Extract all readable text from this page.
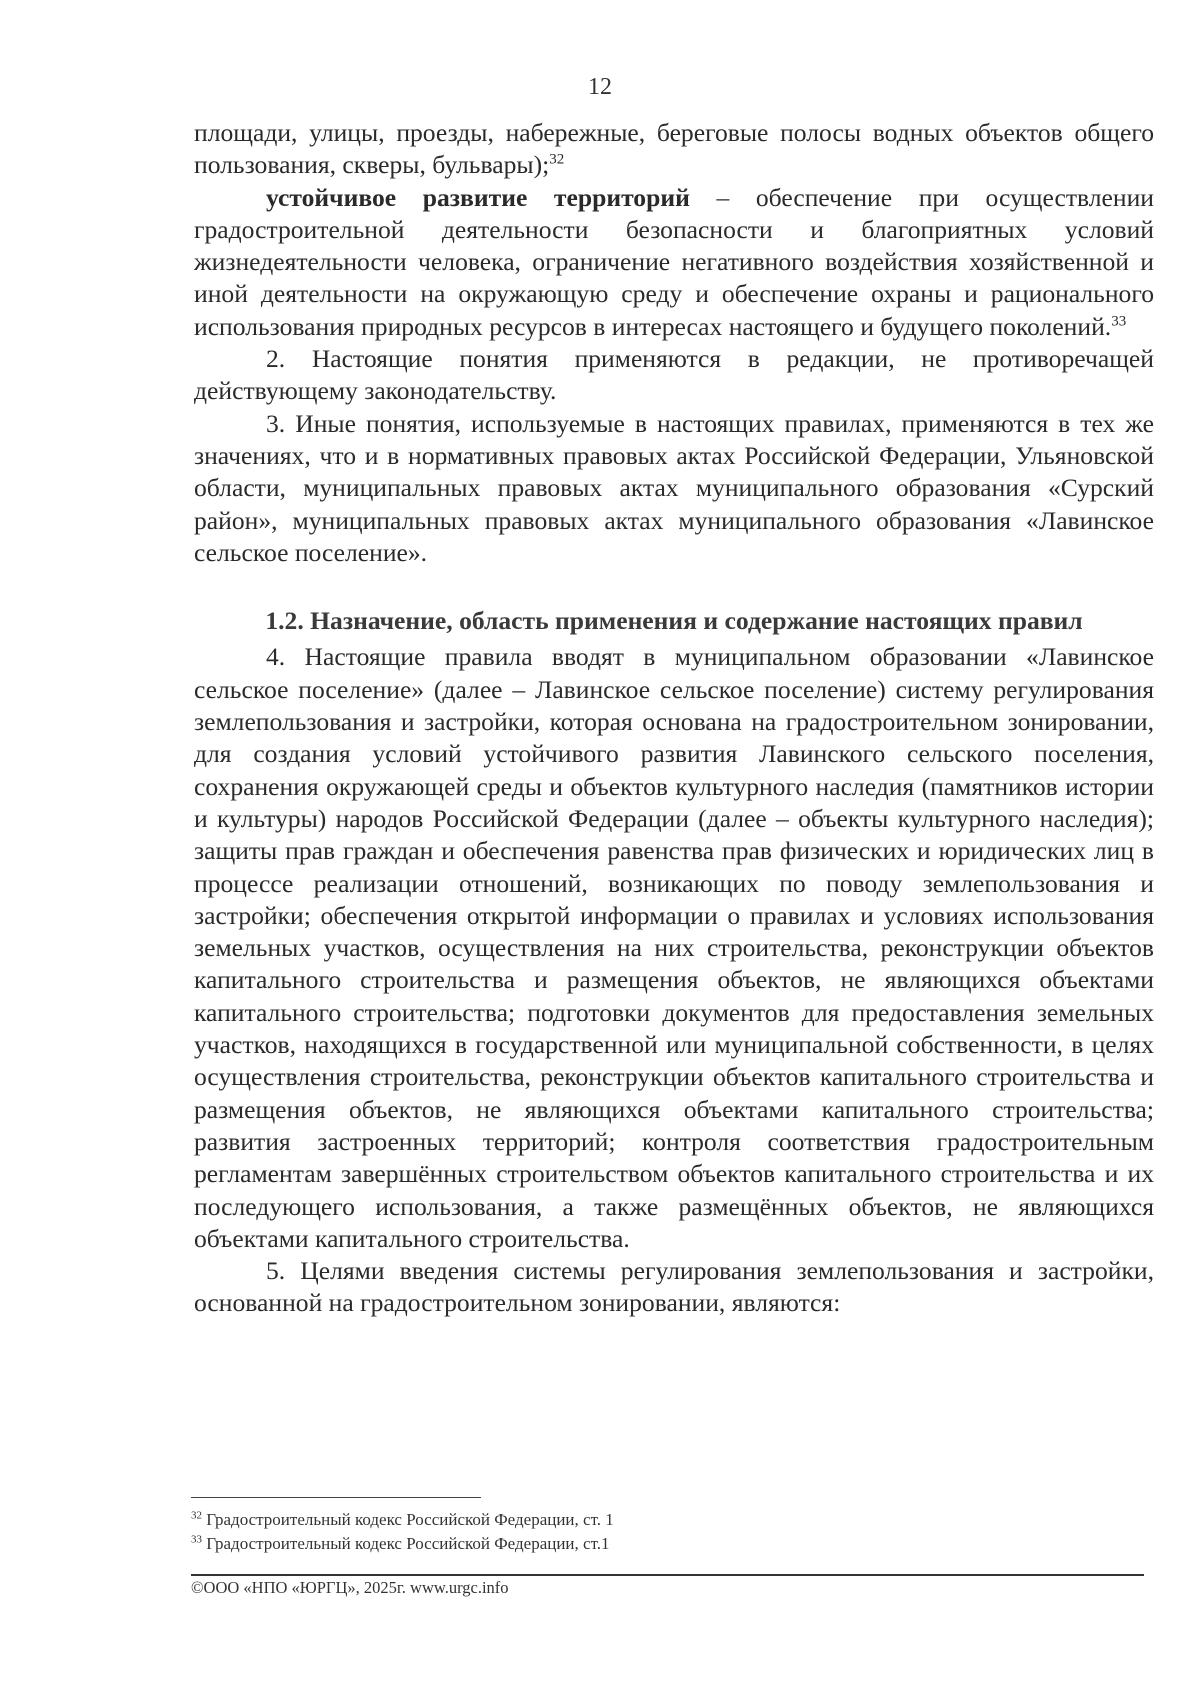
12

площади, улицы, проезды, набережные, береговые полосы водных объектов общего пользования, скверы, бульвары);$^{32}$

устойчивое развитие территорий – обеспечение при осуществлении градостроительной деятельности безопасности и благоприятных условий жизнедеятельности человека, ограничение негативного воздействия хозяйственной и иной деятельности на окружающую среду и обеспечение охраны и рационального использования природных ресурсов в интересах настоящего и будущего поколений.$^{33}$

2. Настоящие понятия применяются в редакции, не противоречащей действующему законодательству.

3. Иные понятия, используемые в настоящих правилах, применяются в тех же значениях, что и в нормативных правовых актах Российской Федерации, Ульяновской области, муниципальных правовых актах муниципального образования «Сурский район», муниципальных правовых актах муниципального образования «Лавинское сельское поселение».

1.2. Назначение, область применения и содержание настоящих правил

4. Настоящие правила вводят в муниципальном образовании «Лавинское сельское поселение» (далее – Лавинское сельское поселение) систему регулирования землепользования и застройки, которая основана на градостроительном зонировании, для создания условий устойчивого развития Лавинского сельского поселения, сохранения окружающей среды и объектов культурного наследия (памятников истории

и культуры) народов Российской Федерации (далее – объекты культурного наследия); защиты прав граждан и обеспечения равенства прав физических и юридических лиц в процессе реализации отношений, возникающих по поводу землепользования и застройки; обеспечения открытой информации о правилах и условиях использования земельных участков, осуществления на них строительства, реконструкции объектов капитального строительства и размещения объектов, не являющихся объектами капитального строительства; подготовки документов для предоставления земельных участков, находящихся в государственной или муниципальной собственности, в целях осуществления строительства, реконструкции объектов капитального строительства и размещения объектов, не являющихся объектами капитального строительства; развития застроенных территорий; контроля соответствия градостроительным регламентам завершённых строительством объектов капитального строительства и их последующего использования, а также размещённых объектов, не являющихся объектами капитального строительства.

5. Целями введения системы регулирования землепользования и застройки, основанной на градостроительном зонировании, являются:

$^{32}$ Градостроительный кодекс Российской Федерации, ст. 1
$^{33}$ Градостроительный кодекс Российской Федерации, ст.1
©ООО «НПО «ЮРГЦ», 2025г. www.urgc.info
